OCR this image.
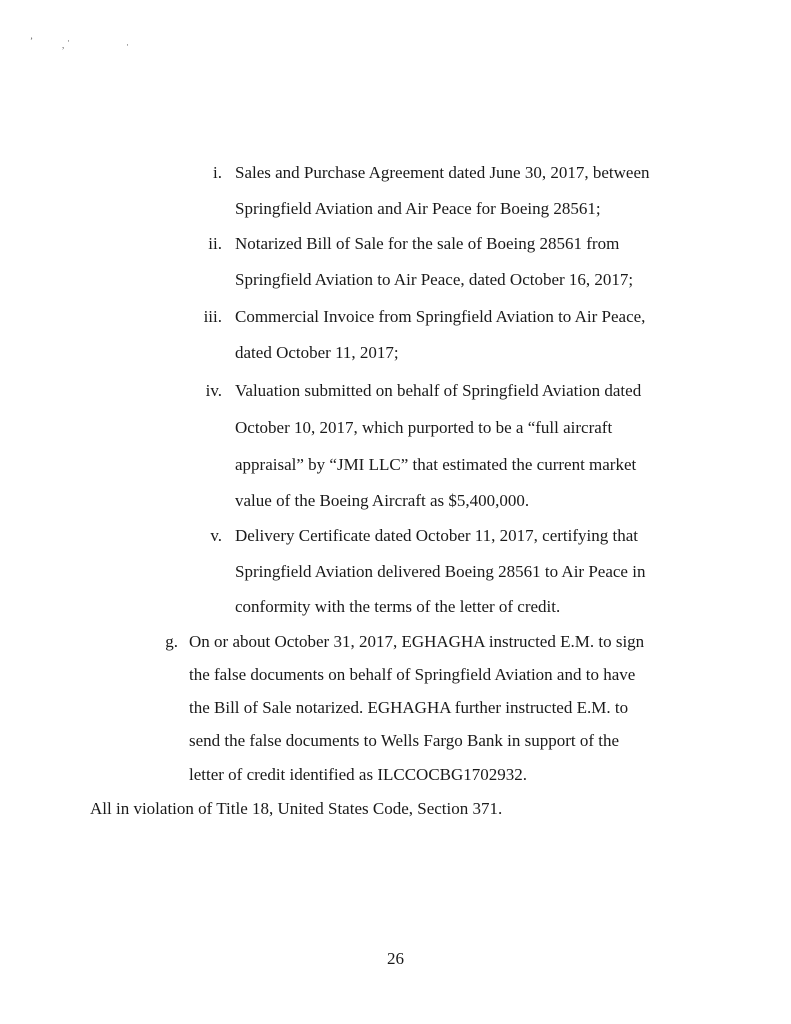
’	, ·	·
i. Sales and Purchase Agreement dated June 30, 2017, between
Springfield Aviation and Air Peace for Boeing 28561;
ii. Notarized Bill of Sale for the sale of Boeing 28561 from
Springfield Aviation to Air Peace, dated October 16, 2017;
iii. Commercial Invoice from Springfield Aviation to Air Peace,
dated October 11, 2017;
iv. Valuation submitted on behalf of Springfield Aviation dated
October 10, 2017, which purported to be a “full aircraft
appraisal” by “JMI LLC” that estimated the current market
value of the Boeing Aircraft as $5,400,000.
v. Delivery Certificate dated October 11, 2017, certifying that
Springfield Aviation delivered Boeing 28561 to Air Peace in
conformity with the terms of the letter of credit.
g. On or about October 31, 2017, EGHAGHA instructed E.M. to sign
the false documents on behalf of Springfield Aviation and to have
the Bill of Sale notarized. EGHAGHA further instructed E.M. to
send the false documents to Wells Fargo Bank in support of the
letter of credit identified as ILCCOCBG1702932.
All in violation of Title 18, United States Code, Section 371.
26
